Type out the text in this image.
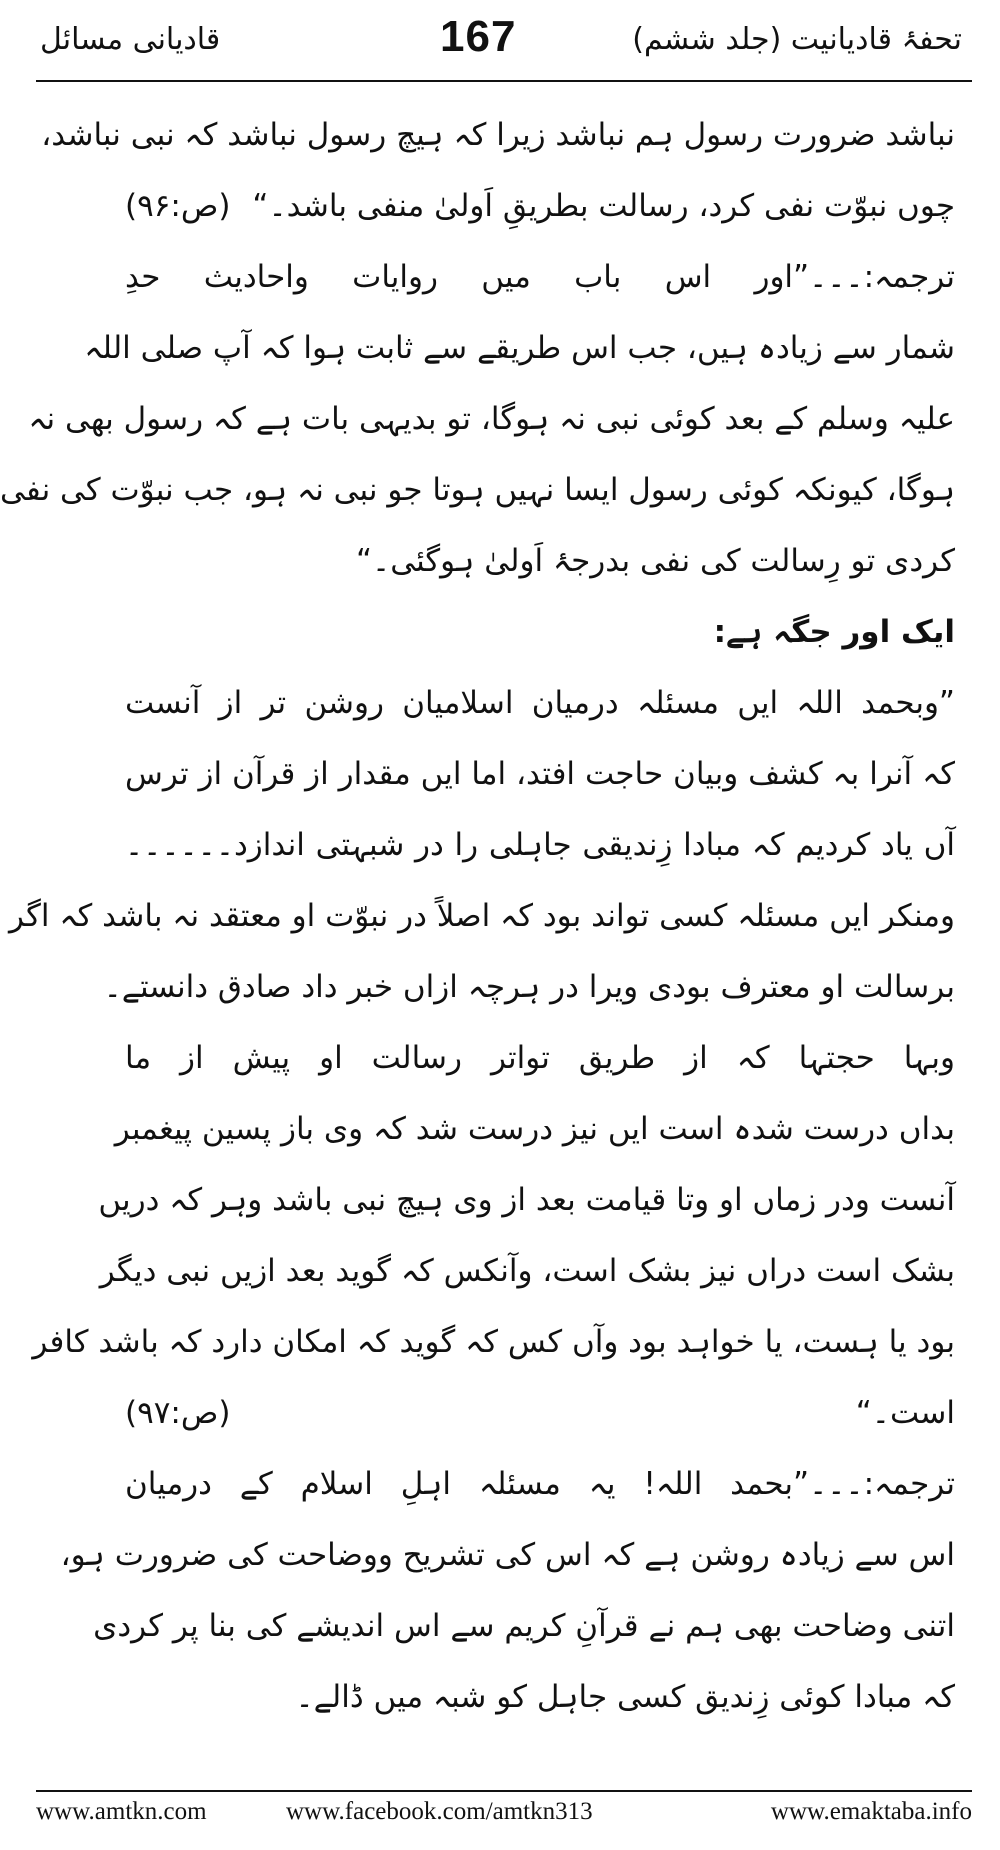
قادیانی مسائل	167	تحفۂ قادیانیت (جلد ششم)
نباشد ضرورت رسول ہم نباشد زیرا کہ ہیچ رسول نباشد کہ نبی نباشد،
چوں نبوّت نفی کرد، رسالت بطریقِ اَولیٰ منفی باشد۔“
(ص:۹۶)
ترجمہ:۔۔۔”اور اس باب میں روایات واحادیث حدِ
شمار سے زیادہ ہیں، جب اس طریقے سے ثابت ہوا کہ آپ صلی اللہ
علیہ وسلم کے بعد کوئی نبی نہ ہوگا، تو بدیہی بات ہے کہ رسول بھی نہ
ہوگا، کیونکہ کوئی رسول ایسا نہیں ہوتا جو نبی نہ ہو، جب نبوّت کی نفی
کردی تو رِسالت کی نفی بدرجۂ اَولیٰ ہوگئی۔“
ایک اور جگہ ہے:
”وبحمد اللہ ایں مسئلہ درمیان اسلامیان روشن تر از آنست
کہ آنرا بہ کشف وبیان حاجت افتد، اما ایں مقدار از قرآن از ترس
آں یاد کردیم کہ مبادا زِندیقی جاہلی را در شبہتی اندازد۔۔۔۔۔۔
ومنکر ایں مسئلہ کسی تواند بود کہ اصلاً در نبوّت او معتقد نہ باشد کہ اگر
برسالت او معترف بودی ویرا در ہرچہ ازاں خبر داد صادق دانستے۔
وبہا حجتہا کہ از طریق تواتر رسالت او پیش از ما
بداں درست شدہ است ایں نیز درست شد کہ وی باز پسین پیغمبر
آنست ودر زماں او وتا قیامت بعد از وی ہیچ نبی باشد وہر کہ دریں
بشک است دراں نیز بشک است، وآنکس کہ گوید بعد ازیں نبی دیگر
بود یا ہست، یا خواہد بود وآں کس کہ گوید کہ امکان دارد کہ باشد کافر
است۔“
(ص:۹۷)
ترجمہ:۔۔۔”بحمد اللہ! یہ مسئلہ اہلِ اسلام کے درمیان
اس سے زیادہ روشن ہے کہ اس کی تشریح ووضاحت کی ضرورت ہو،
اتنی وضاحت بھی ہم نے قرآنِ کریم سے اس اندیشے کی بنا پر کردی
کہ مبادا کوئی زِندیق کسی جاہل کو شبہ میں ڈالے۔
www.amtkn.com	www.facebook.com/amtkn313	www.emaktaba.info
